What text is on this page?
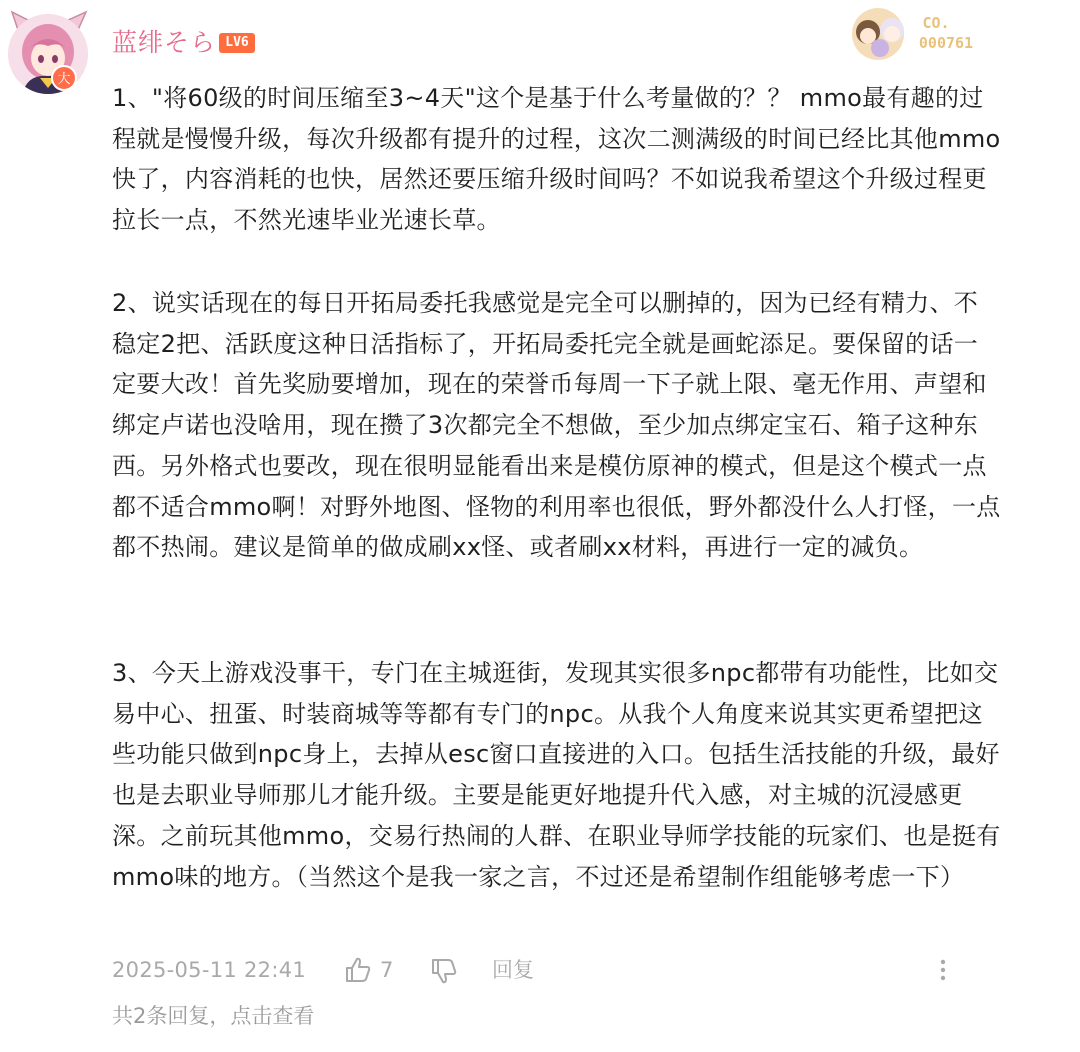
大
蓝绯そら LV6
CO.
000761

1、"将60级的时间压缩至3~4天"这个是基于什么考量做的？？ mmo最有趣的过程就是慢慢升级，每次升级都有提升的过程，这次二测满级的时间已经比其他mmo快了，内容消耗的也快，居然还要压缩升级时间吗？不如说我希望这个升级过程更拉长一点，不然光速毕业光速长草。

2、说实话现在的每日开拓局委托我感觉是完全可以删掉的，因为已经有精力、不稳定2把、活跃度这种日活指标了，开拓局委托完全就是画蛇添足。要保留的话一定要大改！首先奖励要增加，现在的荣誉币每周一下子就上限、毫无作用、声望和绑定卢诺也没啥用，现在攒了3次都完全不想做，至少加点绑定宝石、箱子这种东西。另外格式也要改，现在很明显能看出来是模仿原神的模式，但是这个模式一点都不适合mmo啊！对野外地图、怪物的利用率也很低，野外都没什么人打怪，一点都不热闹。建议是简单的做成刷xx怪、或者刷xx材料，再进行一定的减负。

3、今天上游戏没事干，专门在主城逛街，发现其实很多npc都带有功能性，比如交易中心、扭蛋、时装商城等等都有专门的npc。从我个人角度来说其实更希望把这些功能只做到npc身上，去掉从esc窗口直接进的入口。包括生活技能的升级，最好也是去职业导师那儿才能升级。主要是能更好地提升代入感，对主城的沉浸感更深。之前玩其他mmo，交易行热闹的人群、在职业导师学技能的玩家们、也是挺有mmo味的地方。（当然这个是我一家之言，不过还是希望制作组能够考虑一下）

2025-05-11 22:41	7	回复
共2条回复，点击查看
